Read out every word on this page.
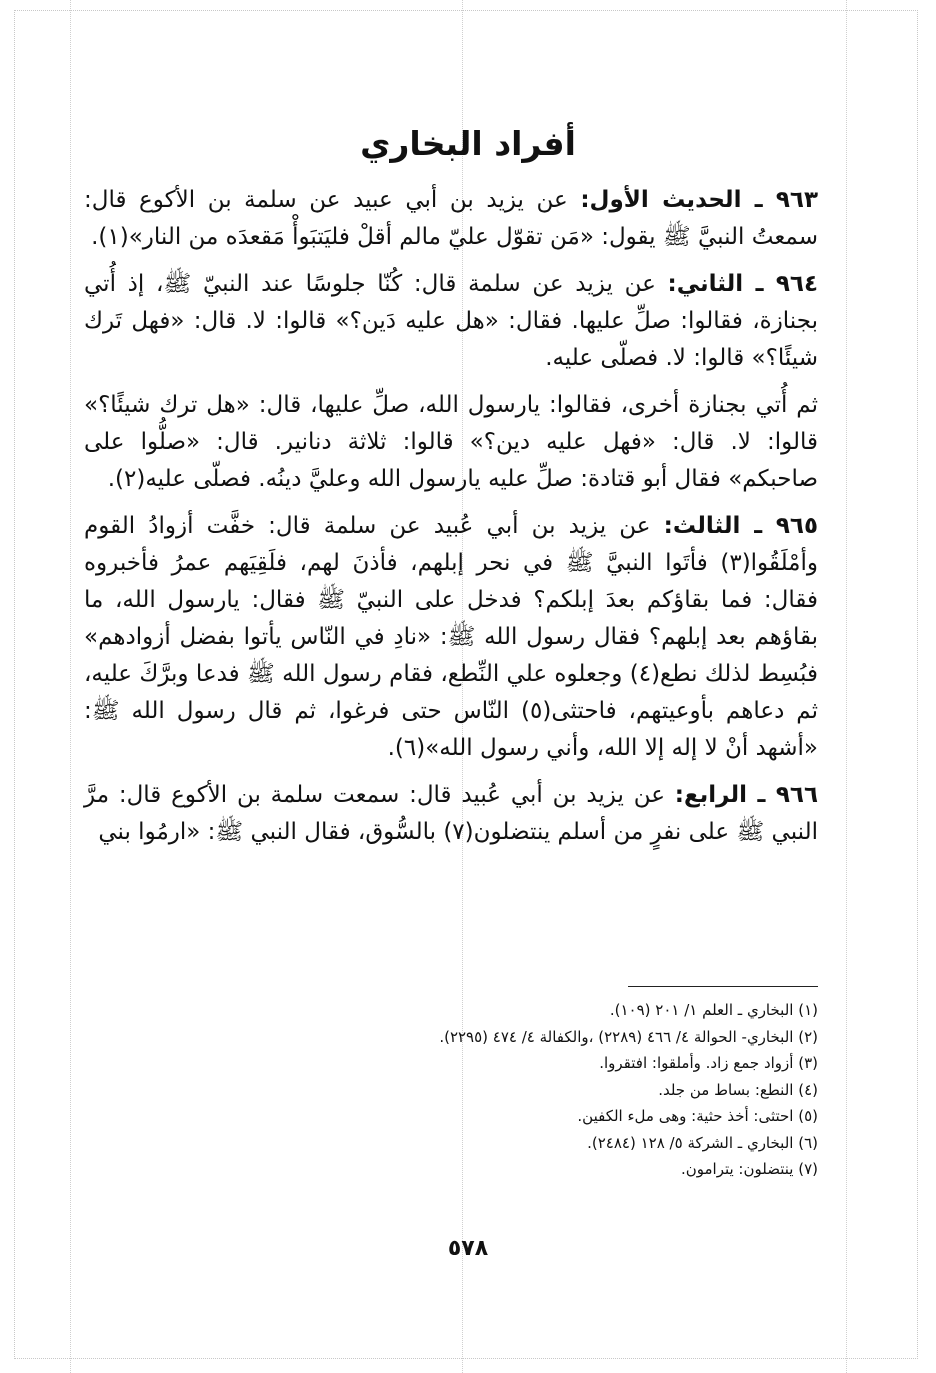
أفراد البخاري

٩٦٣ ـ الحديث الأول: عن يزيد بن أبي عبيد عن سلمة بن الأكوع قال: سمعتُ النبيَّ ﷺ يقول: «مَن تقوّل عليّ مالم أقلْ فليَتبَوأْ مَقعدَه من النار»(١).

٩٦٤ ـ الثاني: عن يزيد عن سلمة قال: كُنّا جلوسًا عند النبيّ ﷺ، إذ أُتي بجنازة، فقالوا: صلِّ عليها. فقال: «هل عليه دَين؟» قالوا: لا. قال: «فهل تَرك شيئًا؟» قالوا: لا. فصلّى عليه.

ثم أُتي بجنازة أخرى، فقالوا: يارسول الله، صلِّ عليها، قال: «هل ترك شيئًا؟» قالوا: لا. قال: «فهل عليه دين؟» قالوا: ثلاثة دنانير. قال: «صلُّوا على صاحبكم» فقال أبو قتادة: صلِّ عليه يارسول الله وعليَّ دينُه. فصلّى عليه(٢).

٩٦٥ ـ الثالث: عن يزيد بن أبي عُبيد عن سلمة قال: خفَّت أزوادُ القوم وأمْلَقُوا(٣) فأتَوا النبيَّ ﷺ في نحر إبلهم، فأذنَ لهم، فلَقِيَهم عمرُ فأخبروه فقال: فما بقاؤكم بعدَ إبلكم؟ فدخل على النبيّ ﷺ فقال: يارسول الله، ما بقاؤهم بعد إبلهم؟ فقال رسول الله ﷺ: «نادِ في النّاس يأتوا بفضل أزوادهم» فبُسِط لذلك نطع(٤) وجعلوه علي النِّطع، فقام رسول الله ﷺ فدعا وبرَّكَ عليه، ثم دعاهم بأوعيتهم، فاحتثى(٥) النّاس حتى فرغوا، ثم قال رسول الله ﷺ: «أشهد أنْ لا إله إلا الله، وأني رسول الله»(٦).

٩٦٦ ـ الرابع: عن يزيد بن أبي عُبيد قال: سمعت سلمة بن الأكوع قال: مرَّ النبي ﷺ على نفرٍ من أسلم ينتضلون(٧) بالسُّوق، فقال النبي ﷺ: «ارمُوا بني

(١) البخاري ـ العلم ١/ ٢٠١ (١٠٩).
(٢) البخاري- الحوالة ٤/ ٤٦٦ (٢٢٨٩) ،والكفالة ٤/ ٤٧٤ (٢٢٩٥).
(٣) أزواد جمع زاد. وأملقوا: افتقروا.
(٤) النطع: بساط من جلد.
(٥) احتثى: أخذ حثية: وهى ملء الكفين.
(٦) البخاري ـ الشركة ٥/ ١٢٨ (٢٤٨٤).
(٧) ينتضلون: يترامون.
٥٧٨
